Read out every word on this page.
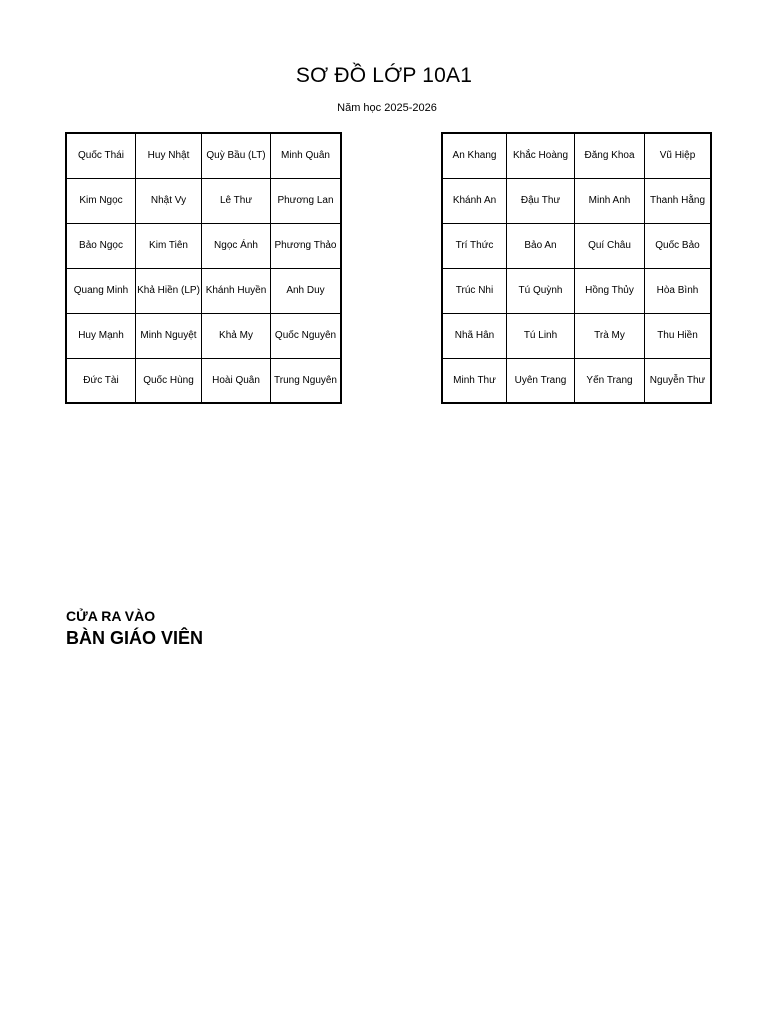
SƠ ĐỒ LỚP 10A1
Năm học 2025-2026
Quốc Thái	Huy Nhật	Quỳ Bầu (LT)	Minh Quân
Kim Ngọc	Nhật Vy	Lê Thư	Phương Lan
Bảo Ngọc	Kim Tiên	Ngọc Ánh	Phương Thảo
Quang Minh	Khả Hiền (LP)	Khánh Huyền	Anh Duy
Huy Mạnh	Minh Nguyệt	Khả My	Quốc Nguyên
Đức Tài	Quốc Hùng	Hoài Quân	Trung Nguyên
An Khang	Khắc Hoàng	Đăng Khoa	Vũ Hiệp
Khánh An	Đậu Thư	Minh Anh	Thanh Hằng
Trí Thức	Bảo An	Quí Châu	Quốc Bảo
Trúc Nhi	Tú Quỳnh	Hồng Thủy	Hòa Bình
Nhã Hân	Tú Linh	Trà My	Thu Hiền
Minh Thư	Uyên Trang	Yến Trang	Nguyễn Thư
CỬA RA VÀO
BÀN GIÁO VIÊN
